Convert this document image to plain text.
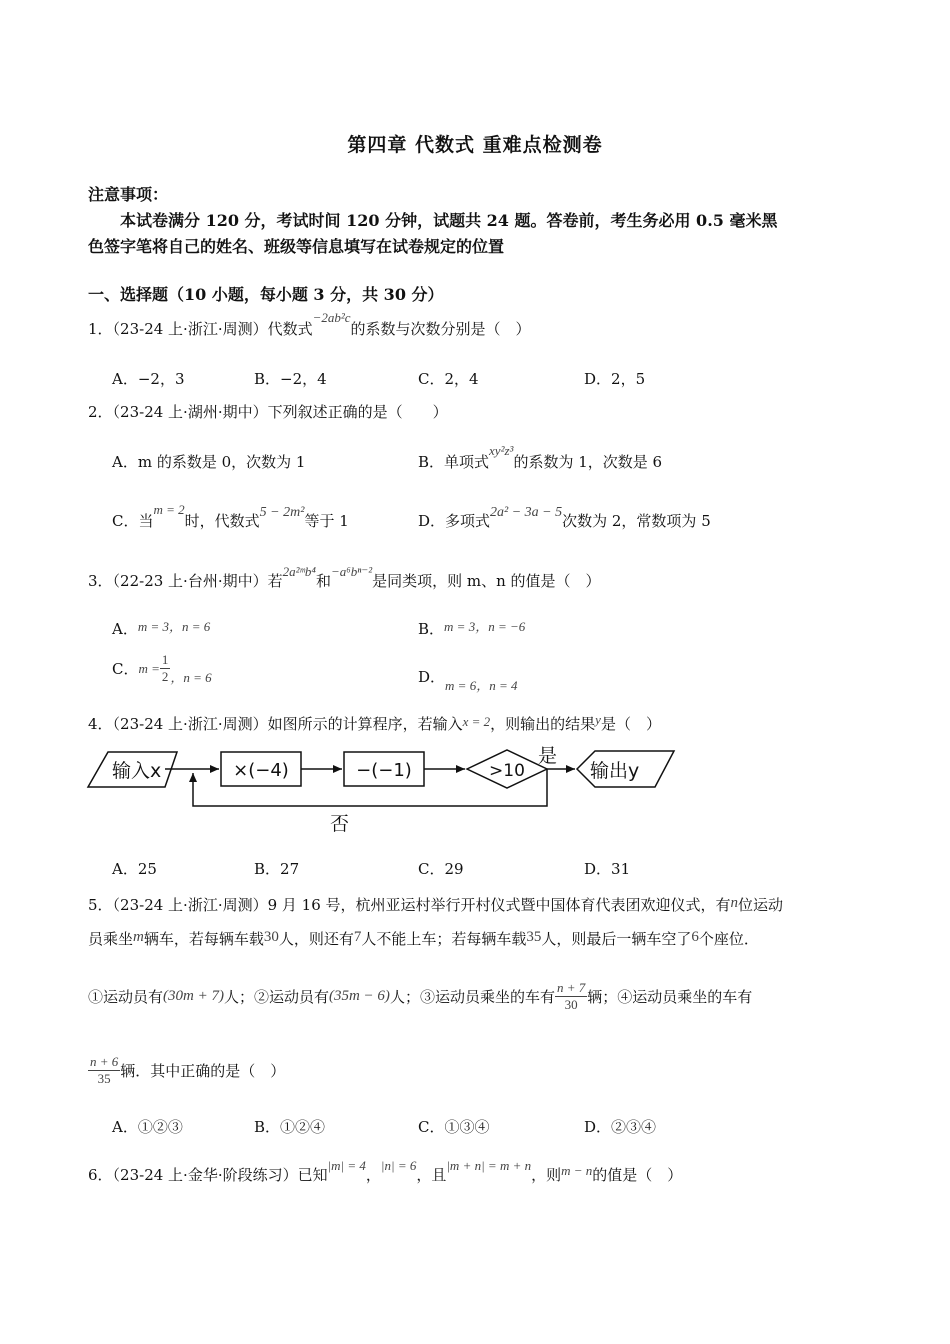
第四章 代数式 重难点检测卷
注意事项：
本试卷满分 120 分，考试时间 120 分钟，试题共 24 题。答卷前，考生务必用 0.5 毫米黑
色签字笔将自己的姓名、班级等信息填写在试卷规定的位置
一、选择题（10 小题，每小题 3 分，共 30 分）
1．（23-24 上·浙江·周测）代数式−2ab²c的系数与次数分别是（　）
A．−2，3	B．−2，4	C．2，4	D．2，5
2．（23-24 上·湖州·期中）下列叙述正确的是（　　）
A．m 的系数是 0，次数为 1	B．单项式xy²z³的系数为 1，次数是 6
C．当m = 2时，代数式5 − 2m²等于 1	D．多项式2a² − 3a − 5次数为 2，常数项为 5
3．（22-23 上·台州·期中）若2a²ᵐb⁴和−a⁶bⁿ⁻²是同类项，则 m、n 的值是（　）
A．m = 3，n = 6	B．m = 3，n = −6
C．$m = \frac{1}{2}$ ，n = 6	D．m = 6，n = 4
4．（23-24 上·浙江·周测）如图所示的计算程序，若输入x = 2，则输出的结果y是（　）
输入x	×(−4)	−(−1)	>10
是
输出y
否
A．25	B．27	C．29	D．31
5．（23-24 上·浙江·周测）9 月 16 号，杭州亚运村举行开村仪式暨中国体育代表团欢迎仪式，有n位运动
员乘坐m辆车，若每辆车载30人，则还有7人不能上车；若每辆车载35人，则最后一辆车空了6个座位．
①运动员有(30m + 7)人；②运动员有(35m − 6)人；③运动员乘坐的车有 $\frac{n + 7}{30}$ 辆；④运动员乘坐的车有
$\frac{n + 6}{35}$ 辆．其中正确的是（　）
A．①②③	B．①②④	C．①③④	D．②③④
6．（23-24 上·金华·阶段练习）已知|m| = 4，|n| = 6，且|m + n| = m + n，则m − n的值是（　）
